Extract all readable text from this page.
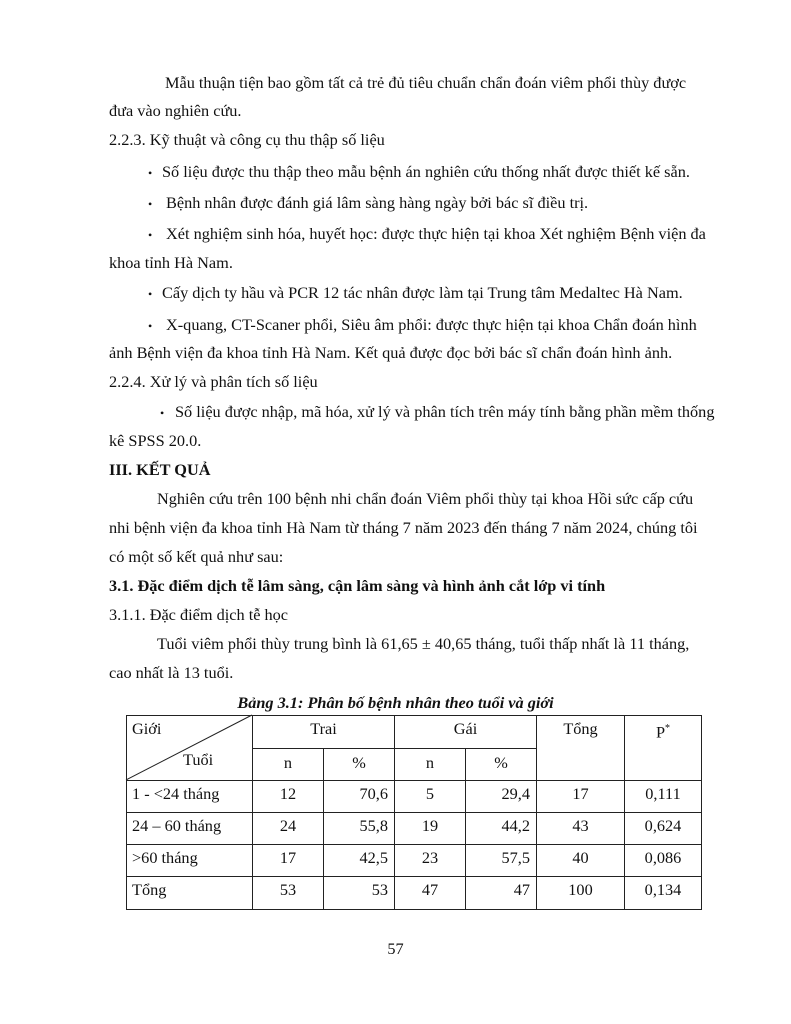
Mẫu thuận tiện bao gồm tất cả trẻ đủ tiêu chuẩn chẩn đoán viêm phổi thùy được
đưa vào nghiên cứu.
2.2.3. Kỹ thuật và công cụ thu thập số liệu
• Số liệu được thu thập theo mẫu bệnh án nghiên cứu thống nhất được thiết kế sẵn.
• Bệnh nhân được đánh giá lâm sàng hàng ngày bởi bác sĩ điều trị.
• Xét nghiệm sinh hóa, huyết học: được thực hiện tại khoa Xét nghiệm Bệnh viện đa
khoa tỉnh Hà Nam.
• Cấy dịch ty hầu và PCR 12 tác nhân được làm tại Trung tâm Medaltec Hà Nam.
• X-quang, CT-Scaner phổi, Siêu âm phổi: được thực hiện tại khoa Chẩn đoán hình
ảnh Bệnh viện đa khoa tỉnh Hà Nam. Kết quả được đọc bởi bác sĩ chẩn đoán hình ảnh.
2.2.4. Xử lý và phân tích số liệu
• Số liệu được nhập, mã hóa, xử lý và phân tích trên máy tính bằng phần mềm thống
kê SPSS 20.0.
III. KẾT QUẢ
Nghiên cứu trên 100 bệnh nhi chẩn đoán Viêm phổi thùy tại khoa Hồi sức cấp cứu
nhi bệnh viện đa khoa tỉnh Hà Nam từ tháng 7 năm 2023 đến tháng 7 năm 2024, chúng tôi
có một số kết quả như sau:
3.1. Đặc điểm dịch tễ lâm sàng, cận lâm sàng và hình ảnh cắt lớp vi tính
3.1.1. Đặc điểm dịch tễ học
Tuổi viêm phổi thùy trung bình là 61,65 ± 40,65 tháng, tuổi thấp nhất là 11 tháng,
cao nhất là 13 tuổi.
Bảng 3.1: Phân bố bệnh nhân theo tuổi và giới
Giới
Tuổi
Trai	Gái	Tổng	P*
n	%	n	%
1 - <24 tháng	12	70,6	5	29,4	17	0,111
24 – 60 tháng	24	55,8	19	44,2	43	0,624
>60 tháng	17	42,5	23	57,5	40	0,086
Tổng	53	53	47	47	100	0,134
57
